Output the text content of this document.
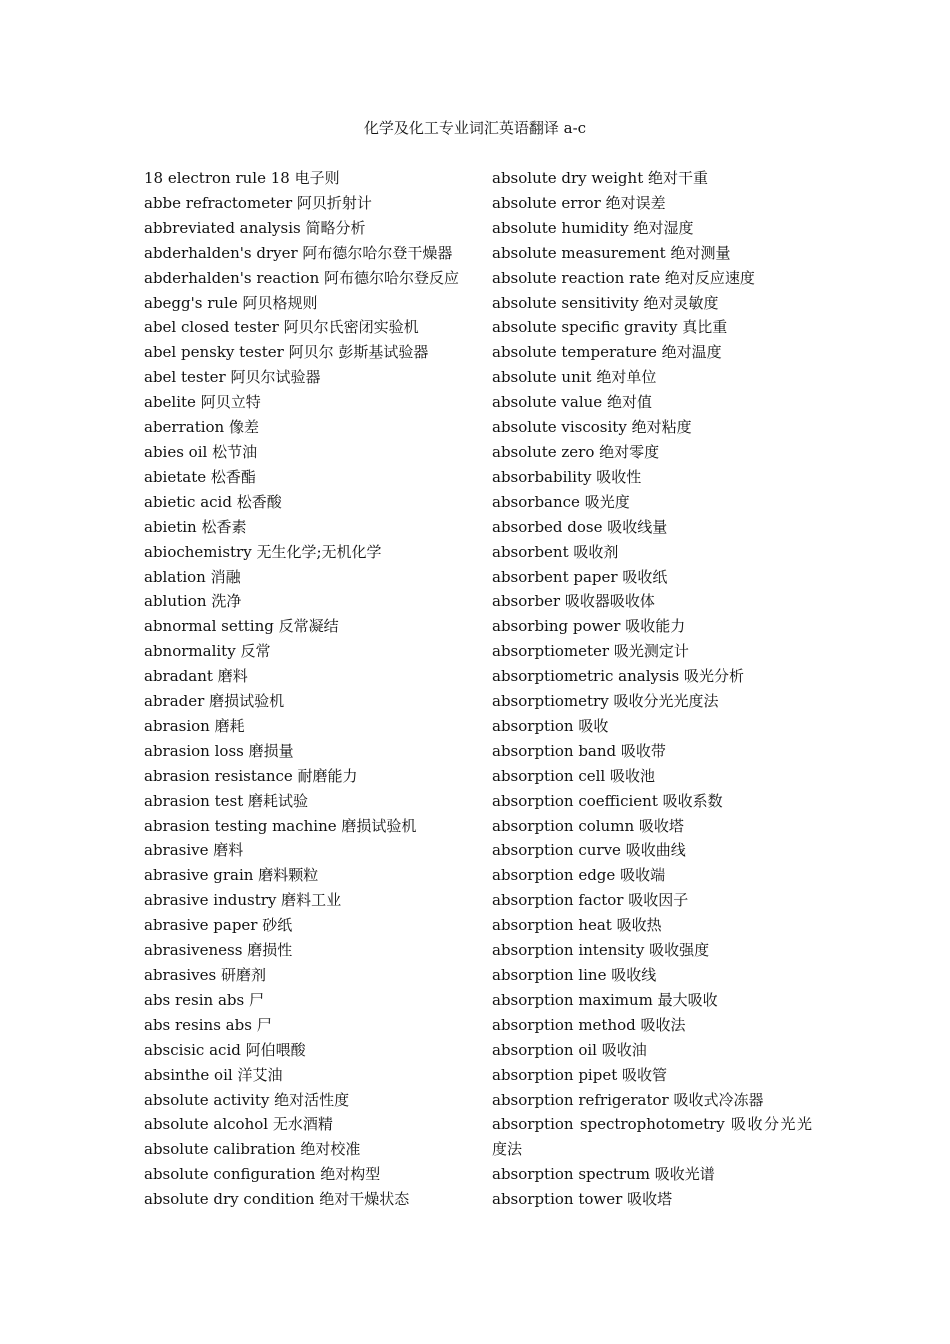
化学及化工专业词汇英语翻译 a-c
18 electron rule 18 电子则
abbe refractometer 阿贝折射计
abbreviated analysis 简略分析
abderhalden's dryer 阿布德尔哈尔登干燥器
abderhalden's reaction 阿布德尔哈尔登反应
abegg's rule 阿贝格规则
abel closed tester 阿贝尔氏密闭实验机
abel pensky tester 阿贝尔 彭斯基试验器
abel tester 阿贝尔试验器
abelite 阿贝立特
aberration 像差
abies oil 松节油
abietate 松香酯
abietic acid 松香酸
abietin 松香素
abiochemistry 无生化学;无机化学
ablation 消融
ablution 洗净
abnormal setting 反常凝结
abnormality 反常
abradant 磨料
abrader 磨损试验机
abrasion 磨耗
abrasion loss 磨损量
abrasion resistance 耐磨能力
abrasion test 磨耗试验
abrasion testing machine 磨损试验机
abrasive 磨料
abrasive grain 磨料颗粒
abrasive industry 磨料工业
abrasive paper 砂纸
abrasiveness 磨损性
abrasives 研磨剂
abs resin abs 尸
abs resins abs 尸
abscisic acid 阿伯喂酸
absinthe oil 洋艾油
absolute activity 绝对活性度
absolute alcohol 无水酒精
absolute calibration 绝对校准
absolute configuration 绝对构型
absolute dry condition 绝对干燥状态
absolute dry weight 绝对干重
absolute error 绝对误差
absolute humidity 绝对湿度
absolute measurement 绝对测量
absolute reaction rate 绝对反应速度
absolute sensitivity 绝对灵敏度
absolute specific gravity 真比重
absolute temperature 绝对温度
absolute unit 绝对单位
absolute value 绝对值
absolute viscosity 绝对粘度
absolute zero 绝对零度
absorbability 吸收性
absorbance 吸光度
absorbed dose 吸收线量
absorbent 吸收剂
absorbent paper 吸收纸
absorber 吸收器吸收体
absorbing power 吸收能力
absorptiometer 吸光测定计
absorptiometric analysis 吸光分析
absorptiometry 吸收分光光度法
absorption 吸收
absorption band 吸收带
absorption cell 吸收池
absorption coefficient 吸收系数
absorption column 吸收塔
absorption curve 吸收曲线
absorption edge 吸收端
absorption factor 吸收因子
absorption heat 吸收热
absorption intensity 吸收强度
absorption line 吸收线
absorption maximum 最大吸收
absorption method 吸收法
absorption oil 吸收油
absorption pipet 吸收管
absorption refrigerator 吸收式冷冻器
absorption spectrophotometry 吸收分光光度法
absorption spectrum 吸收光谱
absorption tower 吸收塔
